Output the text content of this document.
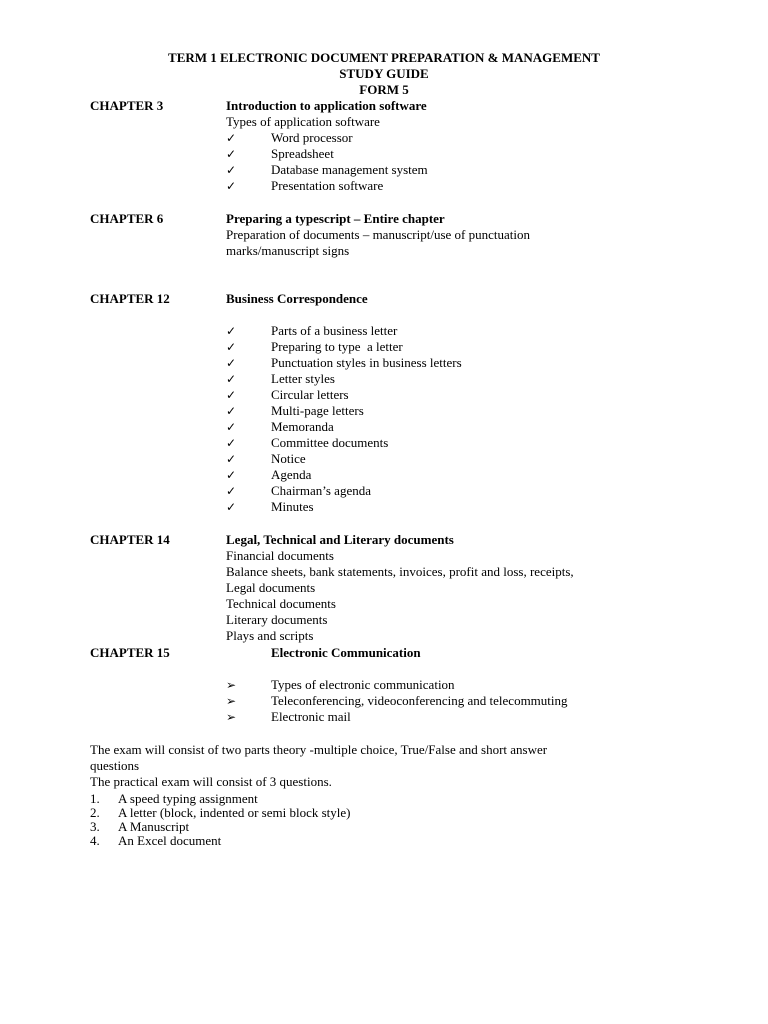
TERM 1 ELECTRONIC DOCUMENT PREPARATION & MANAGEMENT
STUDY GUIDE
FORM 5
CHAPTER 3	Introduction to application software
Types of application software
✓	Word processor
✓	Spreadsheet
✓	Database management system
✓	Presentation software
CHAPTER 6	Preparing a typescript – Entire chapter
Preparation of documents – manuscript/use of punctuation
marks/manuscript signs
CHAPTER 12	Business Correspondence
✓	Parts of a business letter
✓	Preparing to type  a letter
✓	Punctuation styles in business letters
✓	Letter styles
✓	Circular letters
✓	Multi-page letters
✓	Memoranda
✓	Committee documents
✓	Notice
✓	Agenda
✓	Chairman’s agenda
✓	Minutes
CHAPTER 14	Legal, Technical and Literary documents
Financial documents
Balance sheets, bank statements, invoices, profit and loss, receipts,
Legal documents
Technical documents
Literary documents
Plays and scripts
CHAPTER 15	Electronic Communication
➢	Types of electronic communication
➢	Teleconferencing, videoconferencing and telecommuting
➢	Electronic mail
The exam will consist of two parts theory -multiple choice, True/False and short answer
questions
The practical exam will consist of 3 questions.
1. A speed typing assignment
2. A letter (block, indented or semi block style)
3. A Manuscript
4. An Excel document
